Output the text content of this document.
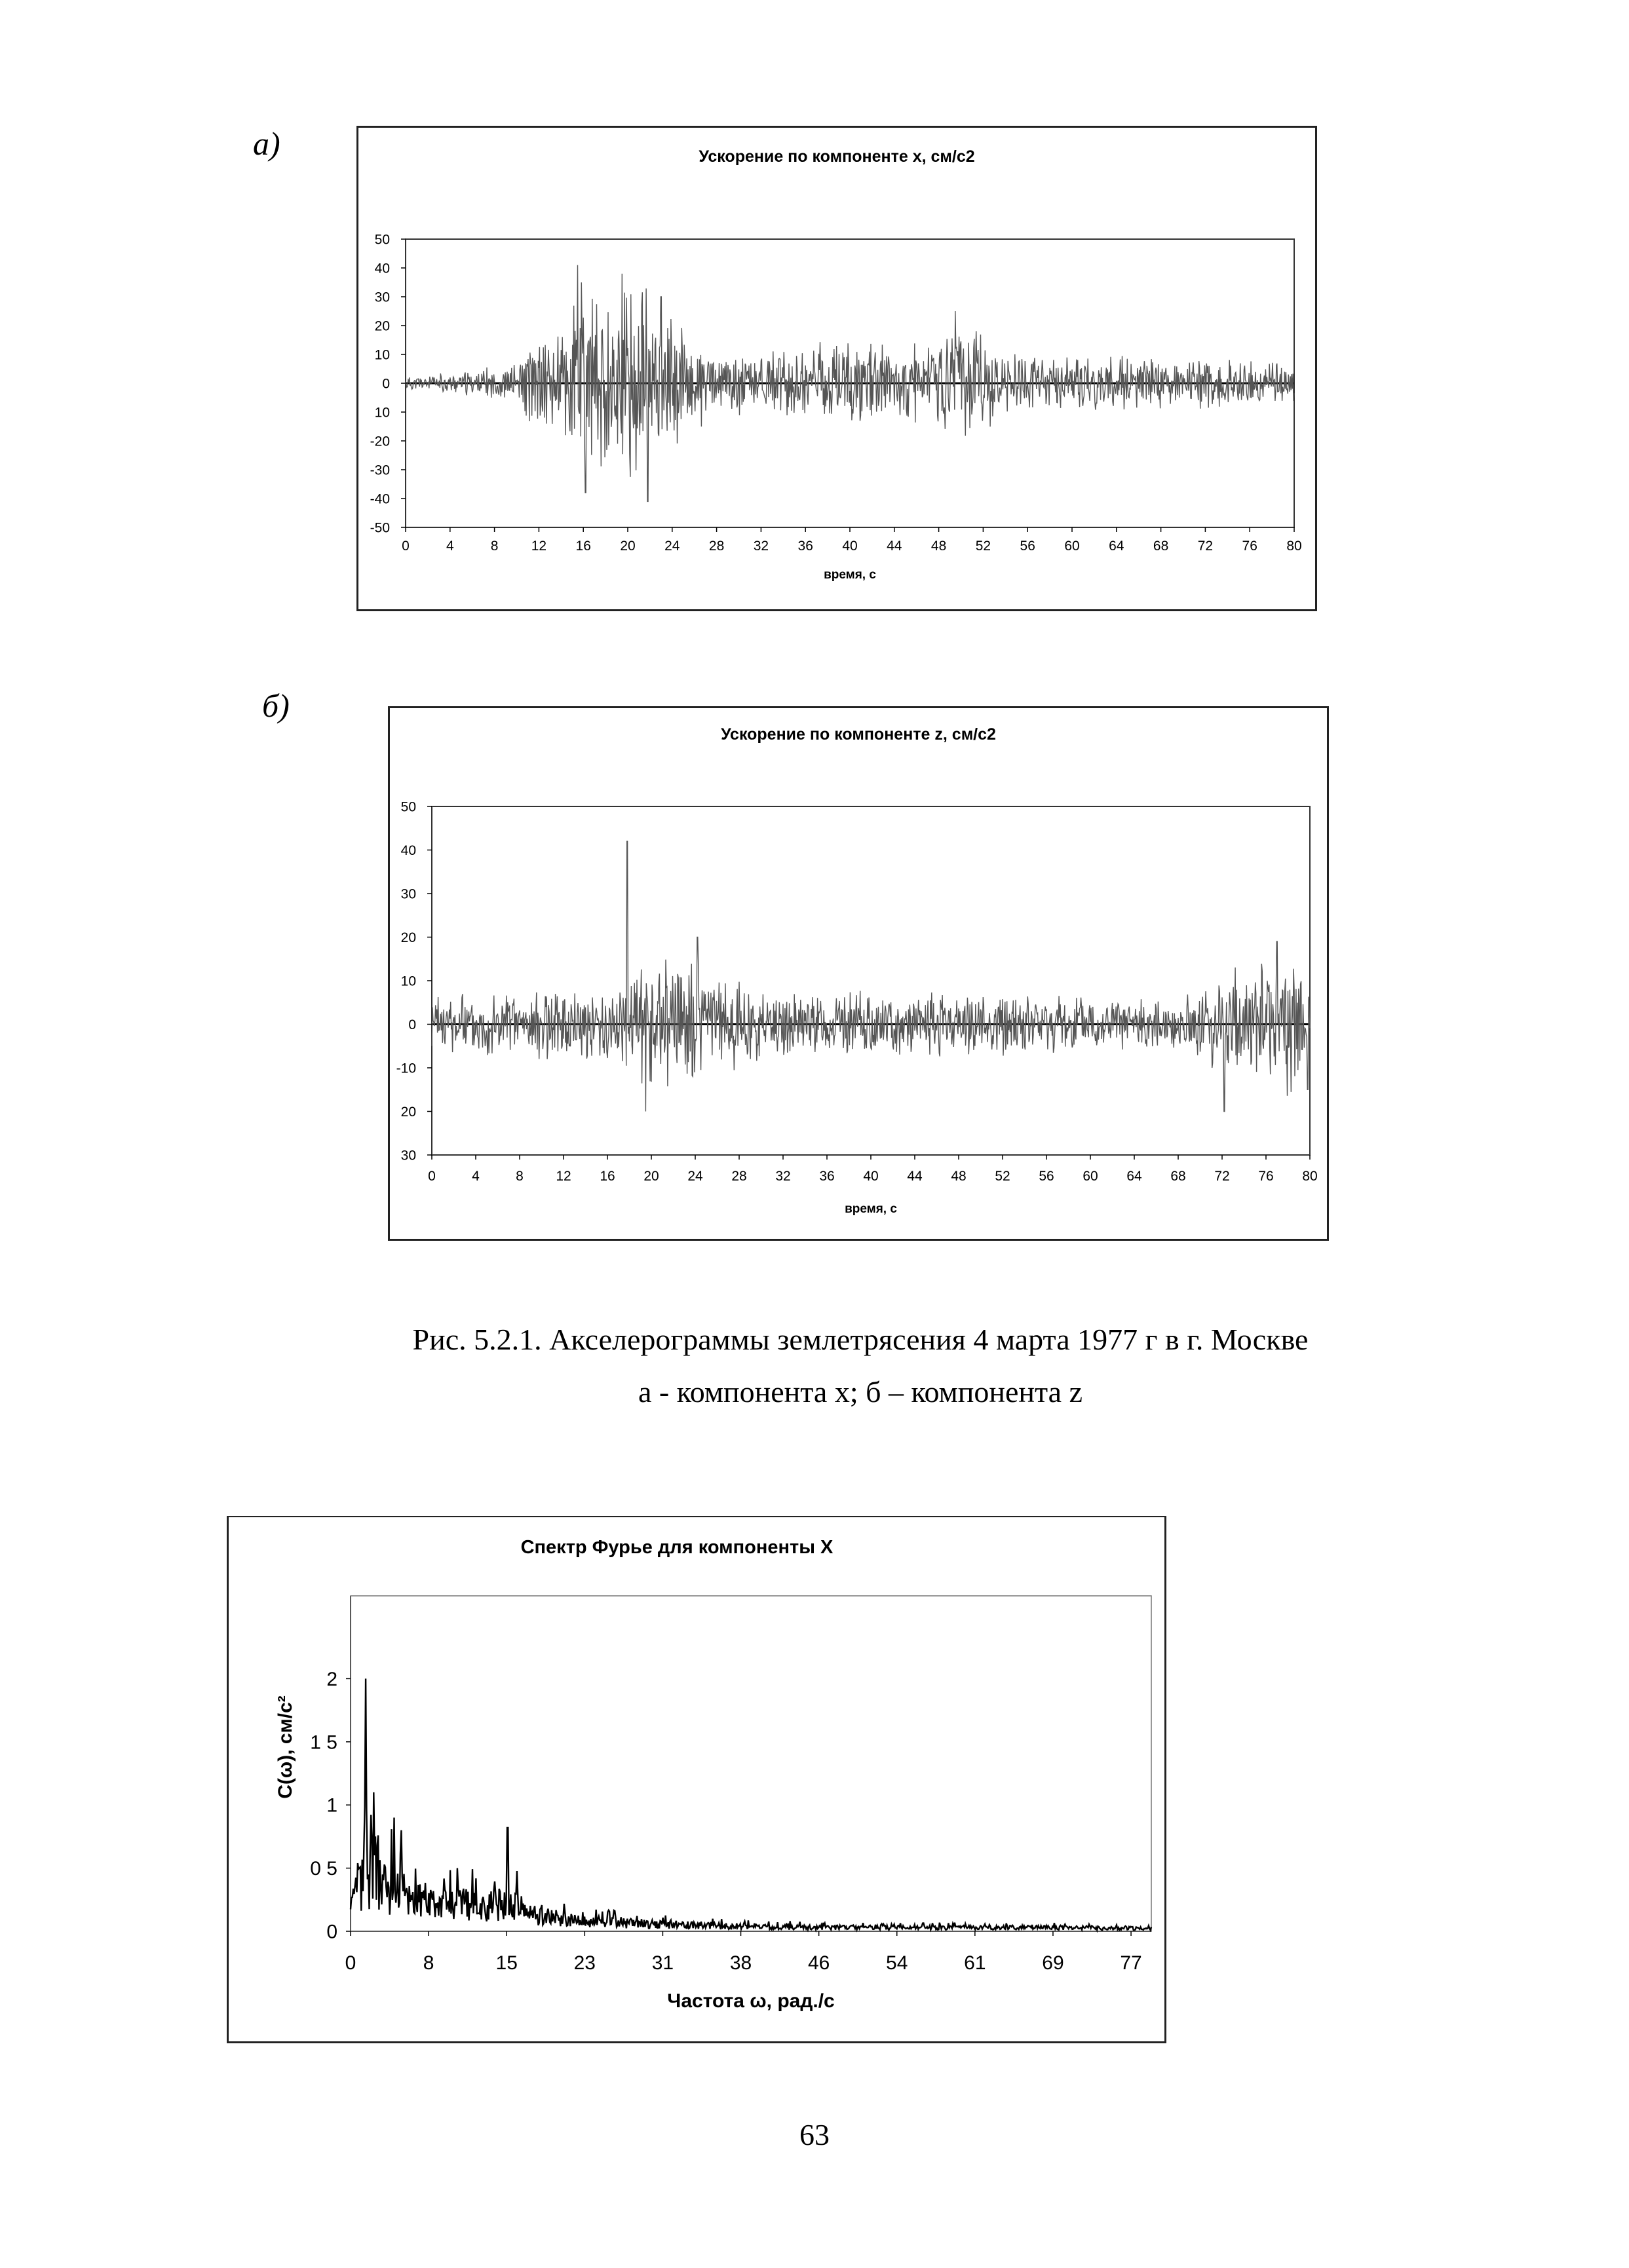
а)
б)
Ускорение по компоненте х, см/с2
50
40
30
20
10
0
10
-20
-30
-40
-50
0	4	8 12 16 20 24 28 32 36 40 44 48 52 56 60 64 68 72 76 80
время, с
Ускорение по компоненте z, см/с2
50
40
30
20
10
0
-10
20
30
0	4	8 12 16 20 24 28 32 36 40 44 48 52 56 60 64 68 72 76 80
время, с
Рис. 5.2.1. Акселерограммы землетрясения 4 марта 1977 г в г. Москве
а - компонента х; б – компонента z
Спектр Фурье для компоненты X
0
0 5
1
1 5
2
0	8	15	23	31	38	46	54	61	69	77
Частота ω, рад./с
C(ω), см/с²
63
